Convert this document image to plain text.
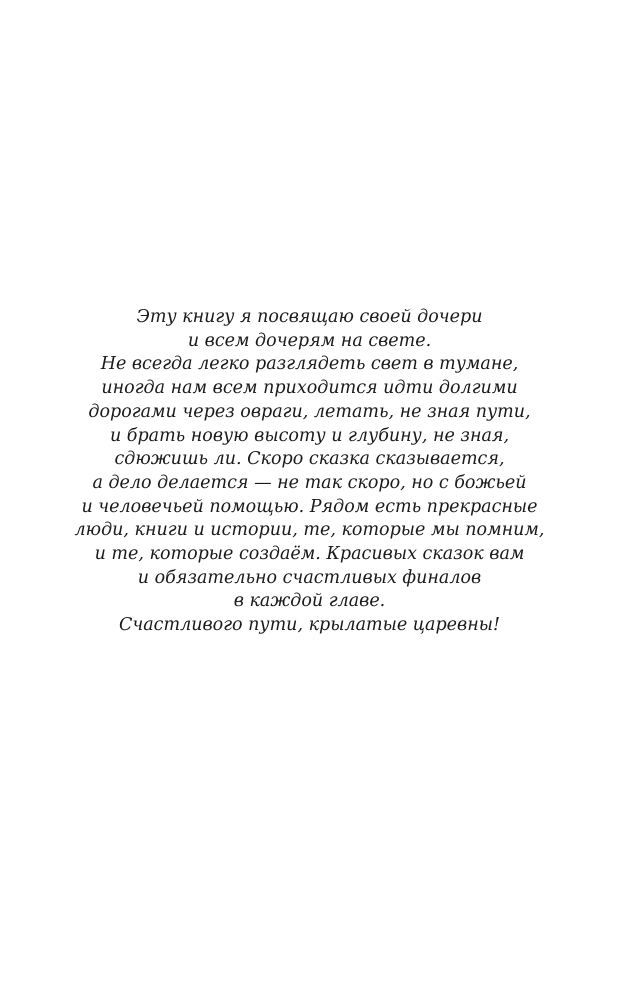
Эту книгу я посвящаю своей дочери
и всем дочерям на свете.
Не всегда легко разглядеть свет в тумане,
иногда нам всем приходится идти долгими
дорогами через овраги, летать, не зная пути,
и брать новую высоту и глубину, не зная,
сдюжишь ли. Скоро сказка сказывается,
а дело делается — не так скоро, но с божьей
и человечьей помощью. Рядом есть прекрасные
люди, книги и истории, те, которые мы помним,
и те, которые создаём. Красивых сказок вам
и обязательно счастливых финалов
в каждой главе.
Счастливого пути, крылатые царевны!
